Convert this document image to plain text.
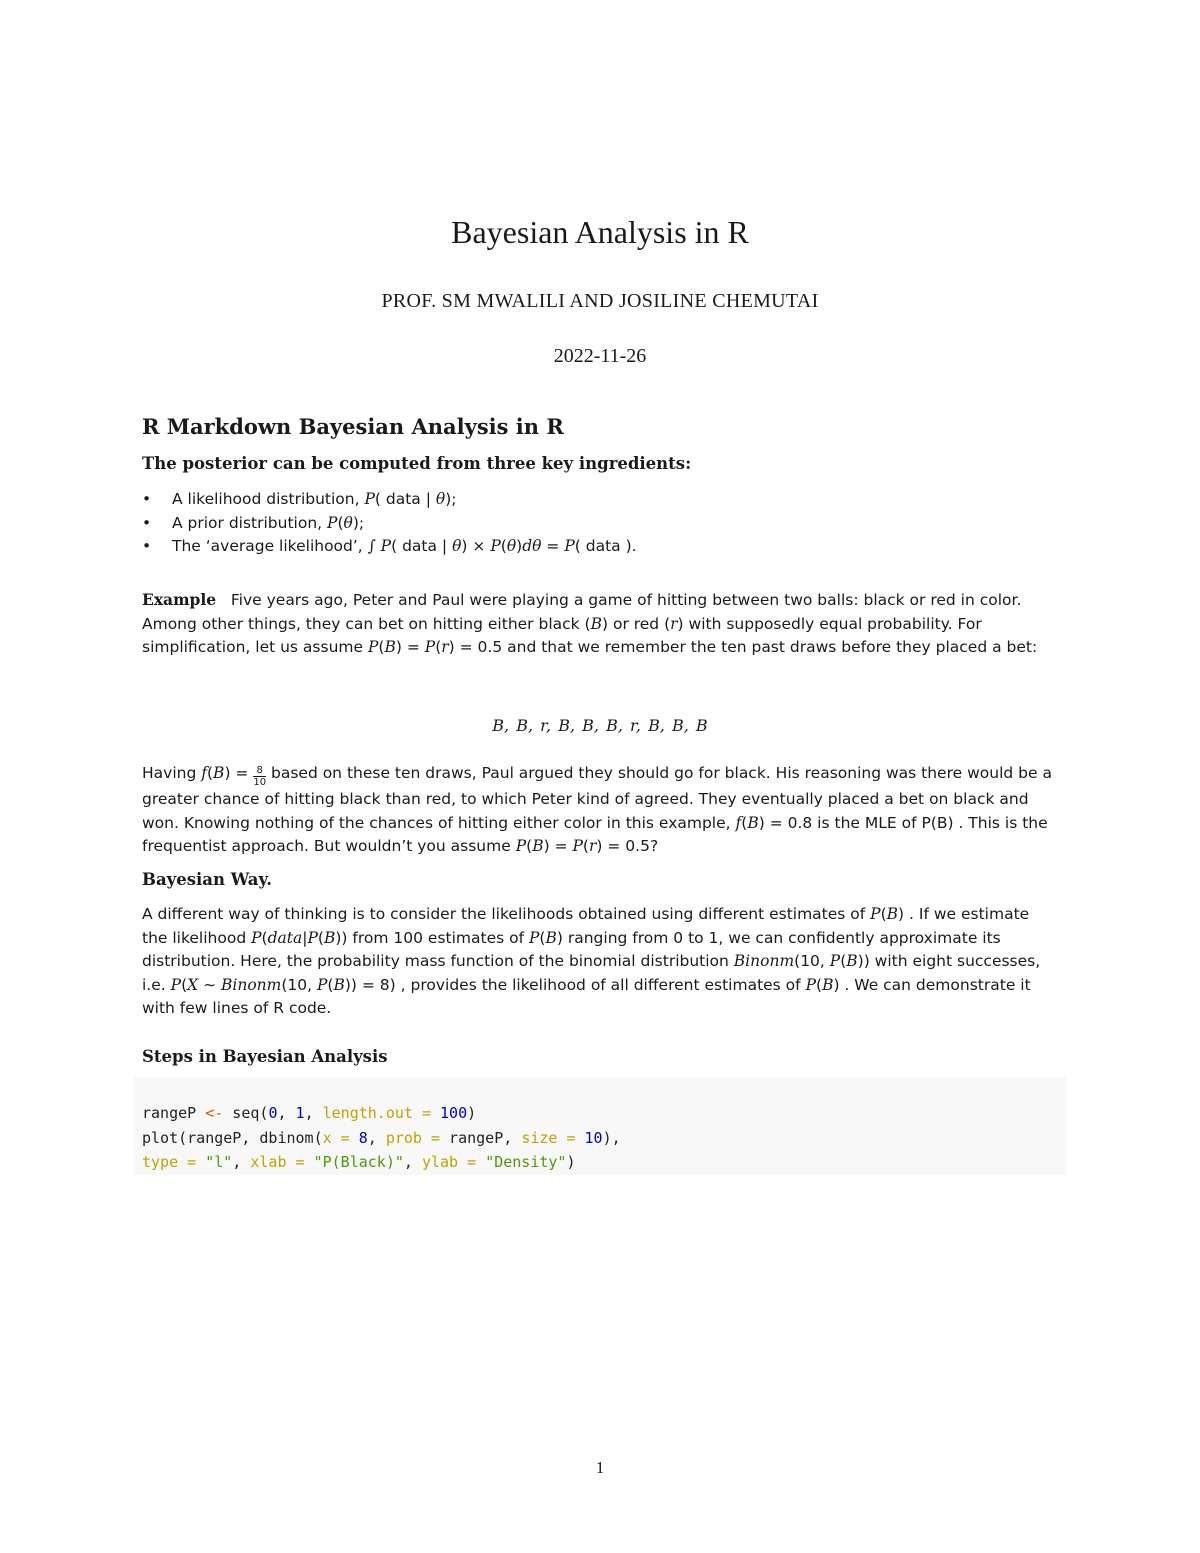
Bayesian Analysis in R
PROF. SM MWALILI AND JOSILINE CHEMUTAI
2022-11-26
R Markdown Bayesian Analysis in R
The posterior can be computed from three key ingredients:
• A likelihood distribution, P( data | θ);
• A prior distribution, P(θ);
• The ‘average likelihood’, ∫ P( data | θ) × P(θ)dθ = P( data ).
Example   Five years ago, Peter and Paul were playing a game of hitting between two balls: black or red in color. Among other things, they can bet on hitting either black (B) or red (r) with supposedly equal probability. For simplification, let us assume P(B) = P(r) = 0.5 and that we remember the ten past draws before they placed a bet:
B, B, r, B, B, B, r, B, B, B
Having $f(B) = \frac{8}{10}$ based on these ten draws, Paul argued they should go for black. His reasoning was there would be a greater chance of hitting black than red, to which Peter kind of agreed. They eventually placed a bet on black and won. Knowing nothing of the chances of hitting either color in this example, f(B) = 0.8 is the MLE of P(B) . This is the frequentist approach. But wouldn’t you assume P(B) = P(r) = 0.5?
Bayesian Way.
A different way of thinking is to consider the likelihoods obtained using different estimates of P(B) . If we estimate the likelihood P(data|P(B)) from 100 estimates of P(B) ranging from 0 to 1, we can confidently approximate its distribution. Here, the probability mass function of the binomial distribution Binonm(10, P(B)) with eight successes, i.e. P(X ∼ Binonm(10, P(B)) = 8) , provides the likelihood of all different estimates of P(B) . We can demonstrate it with few lines of R code.
Steps in Bayesian Analysis
rangeP <- seq(0, 1, length.out = 100)
plot(rangeP, dbinom(x = 8, prob = rangeP, size = 10),
type = "l", xlab = "P(Black)", ylab = "Density")
1
